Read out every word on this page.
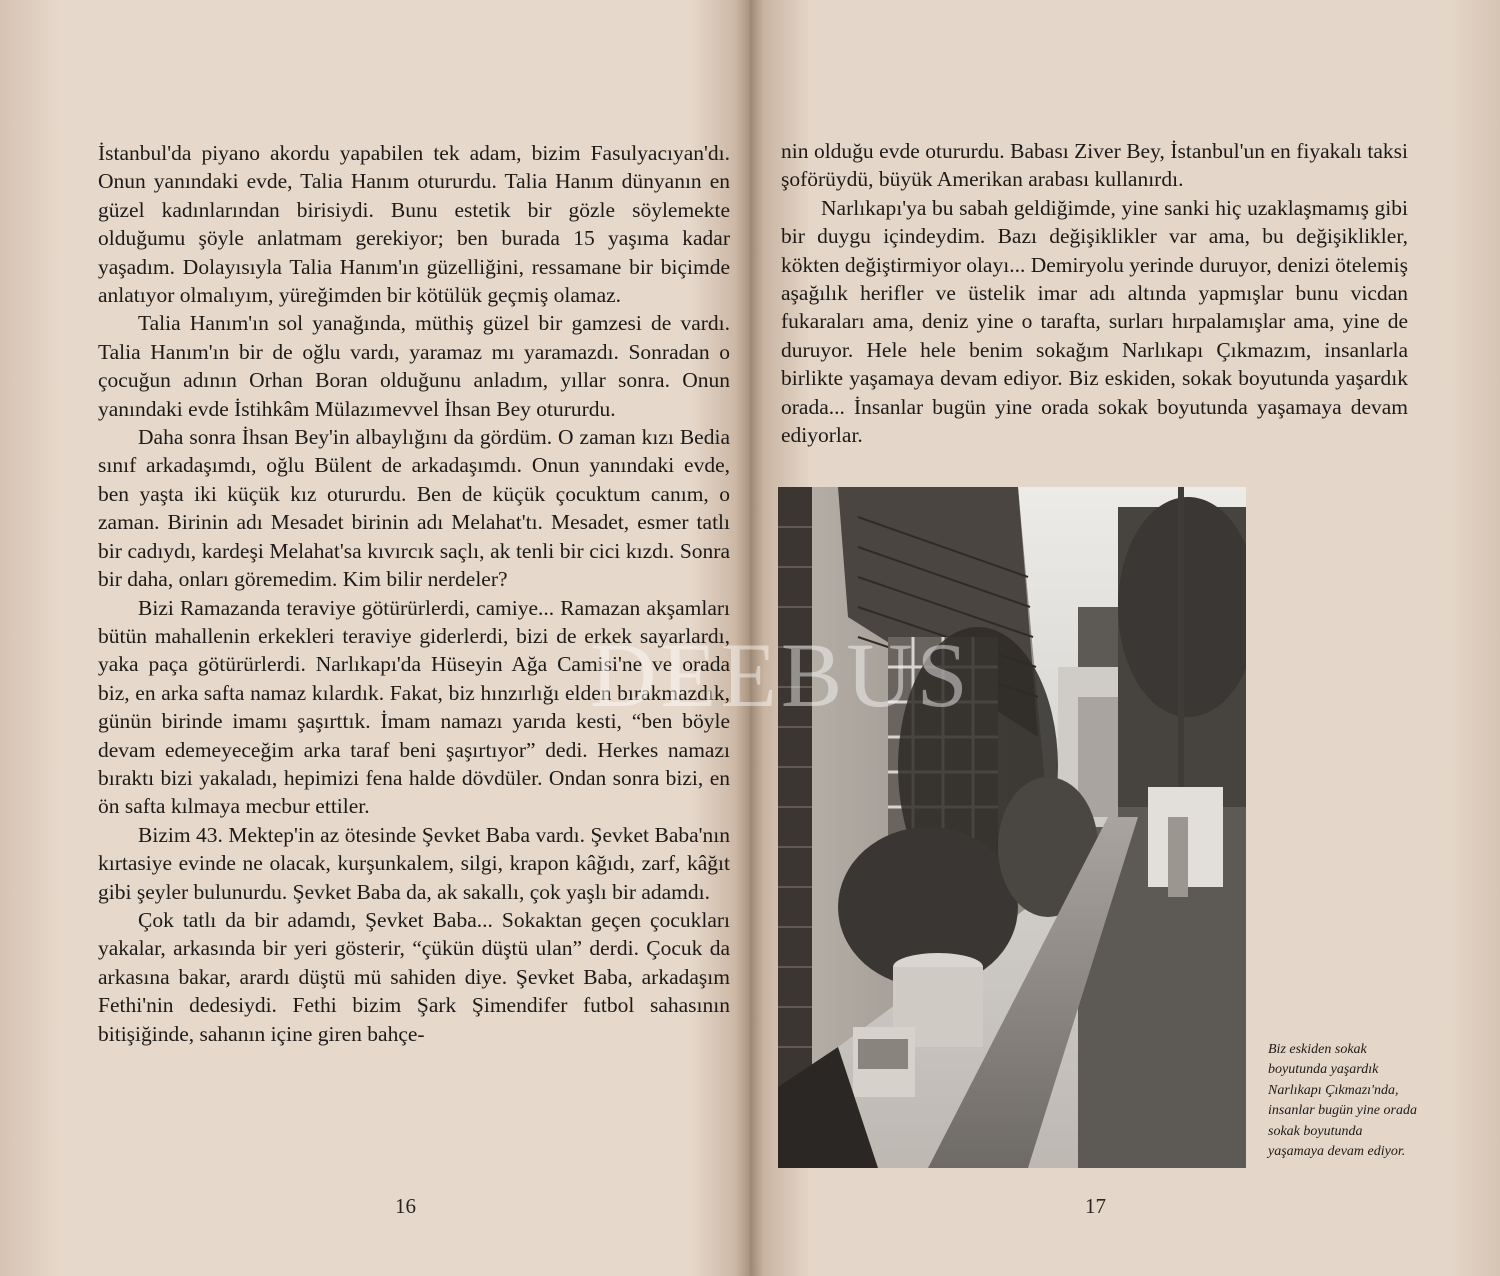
İstanbul'da piyano akordu yapabilen tek adam, bizim Fasulyacıyan'dı. Onun yanındaki evde, Talia Hanım otururdu. Talia Hanım dünyanın en güzel kadınlarından birisiydi. Bunu estetik bir gözle söylemekte olduğumu şöyle anlatmam gerekiyor; ben burada 15 yaşıma kadar yaşadım. Dolayısıyla Talia Hanım'ın güzelliğini, ressamane bir biçimde anlatıyor olmalıyım, yüreğimden bir kötülük geçmiş olamaz.

Talia Hanım'ın sol yanağında, müthiş güzel bir gamzesi de vardı. Talia Hanım'ın bir de oğlu vardı, yaramaz mı yaramazdı. Sonradan o çocuğun adının Orhan Boran olduğunu anladım, yıllar sonra. Onun yanındaki evde İstihkâm Mülazımevvel İhsan Bey otururdu.

Daha sonra İhsan Bey'in albaylığını da gördüm. O zaman kızı Bedia sınıf arkadaşımdı, oğlu Bülent de arkadaşımdı. Onun yanındaki evde, ben yaşta iki küçük kız otururdu. Ben de küçük çocuktum canım, o zaman. Birinin adı Mesadet birinin adı Melahat'tı. Mesadet, esmer tatlı bir cadıydı, kardeşi Melahat'sa kıvırcık saçlı, ak tenli bir cici kızdı. Sonra bir daha, onları göremedim. Kim bilir nerdeler?

Bizi Ramazanda teraviye götürürlerdi, camiye... Ramazan akşamları bütün mahallenin erkekleri teraviye giderlerdi, bizi de erkek sayarlardı, yaka paça götürürlerdi. Narlıkapı'da Hüseyin Ağa Camisi'ne ve orada biz, en arka safta namaz kılardık. Fakat, biz hınzırlığı elden bırakmazdık, günün birinde imamı şaşırttık. İmam namazı yarıda kesti, “ben böyle devam edemeyeceğim arka taraf beni şaşırtıyor” dedi. Herkes namazı bıraktı bizi yakaladı, hepimizi fena halde dövdüler. Ondan sonra bizi, en ön safta kılmaya mecbur ettiler.

Bizim 43. Mektep'in az ötesinde Şevket Baba vardı. Şevket Baba'nın kırtasiye evinde ne olacak, kurşunkalem, silgi, krapon kâğıdı, zarf, kâğıt gibi şeyler bulunurdu. Şevket Baba da, ak sakallı, çok yaşlı bir adamdı.

Çok tatlı da bir adamdı, Şevket Baba... Sokaktan geçen çocukları yakalar, arkasında bir yeri gösterir, “çükün düştü ulan” derdi. Çocuk da arkasına bakar, arardı düştü mü sahiden diye. Şevket Baba, arkadaşım Fethi'nin dedesiydi. Fethi bizim Şark Şimendifer futbol sahasının bitişiğinde, sahanın içine giren bahçe-

16

nin olduğu evde otururdu. Babası Ziver Bey, İstanbul'un en fiyakalı taksi şoförüydü, büyük Amerikan arabası kullanırdı.

Narlıkapı'ya bu sabah geldiğimde, yine sanki hiç uzaklaşmamış gibi bir duygu içindeydim. Bazı değişiklikler var ama, bu değişiklikler, kökten değiştirmiyor olayı... Demiryolu yerinde duruyor, denizi ötelemiş aşağılık herifler ve üstelik imar adı altında yapmışlar bunu vicdan fukaraları ama, deniz yine o tarafta, surları hırpalamışlar ama, yine de duruyor. Hele hele benim sokağım Narlıkapı Çıkmazım, insanlarla birlikte yaşamaya devam ediyor. Biz eskiden, sokak boyutunda yaşardık orada... İnsanlar bugün yine orada sokak boyutunda yaşamaya devam ediyorlar.

Biz eskiden sokak

boyutunda yaşardık

Narlıkapı Çıkmazı'nda,

insanlar bugün yine orada

sokak boyutunda

yaşamaya devam ediyor.

17
DEEBUS
